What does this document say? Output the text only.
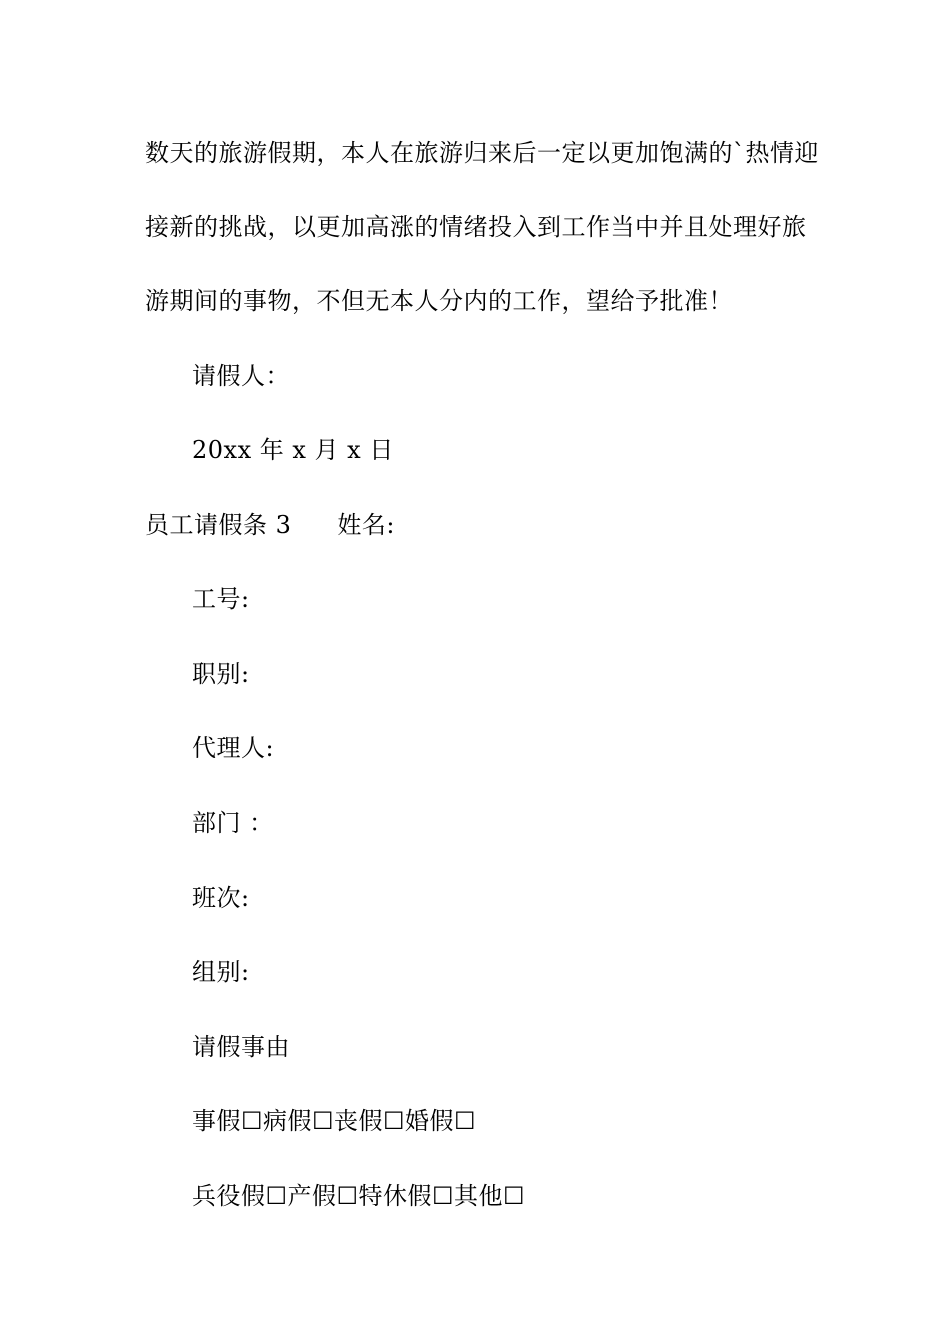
数天的旅游假期，本人在旅游归来后一定以更加饱满的`热情迎
接新的挑战，以更加高涨的情绪投入到工作当中并且处理好旅
游期间的事物，不但无本人分内的工作，望给予批准！
请假人：
20xx 年 x 月 x 日
员工请假条 3 姓名:
工号:
职别:
代理人:
部门 ：
班次:
组别:
请假事由
事假☐病假☐丧假☐婚假☐
兵役假☐产假☐特休假☐其他☐
